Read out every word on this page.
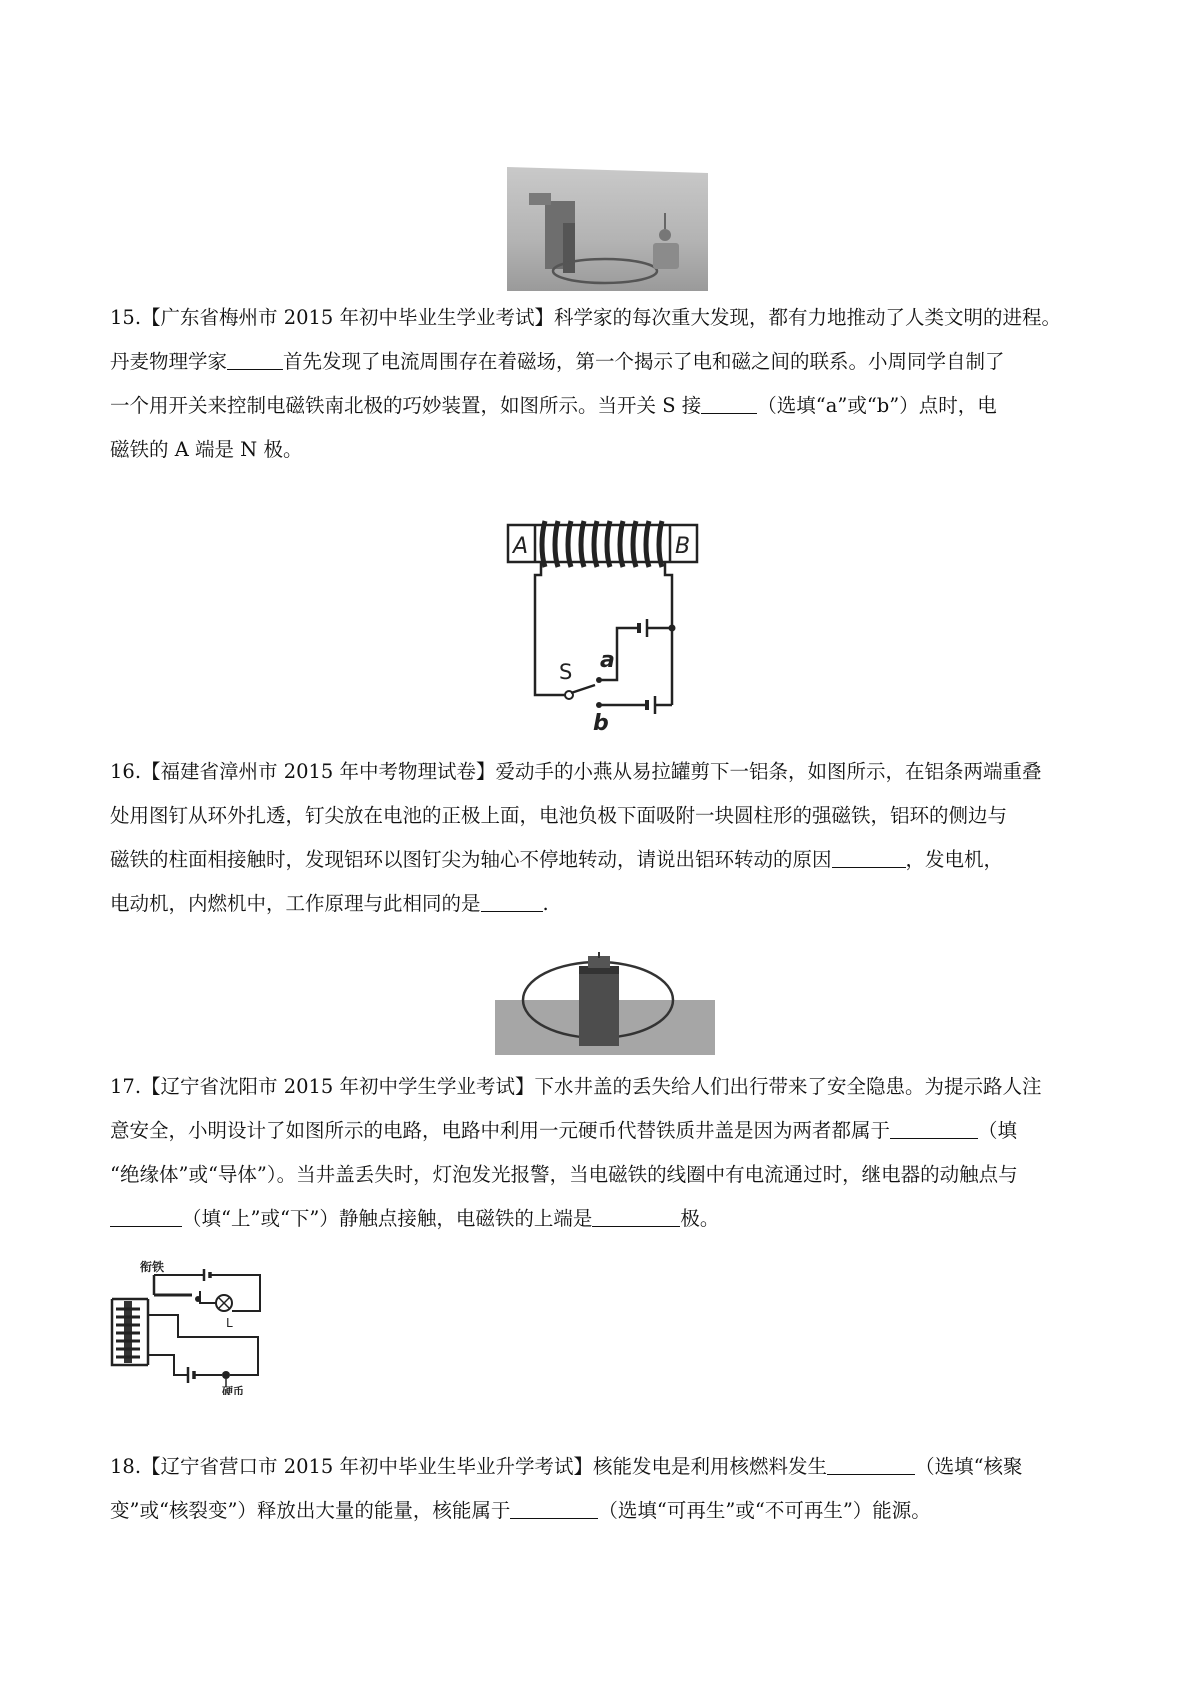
15.【广东省梅州市 2015 年初中毕业生学业考试】科学家的每次重大发现，都有力地推动了人类文明的进程。
丹麦物理学家	首先发现了电流周围存在着磁场，第一个揭示了电和磁之间的联系。小周同学自制了
一个用开关来控制电磁铁南北极的巧妙装置，如图所示。当开关 S 接	（选填“a”或“b”）点时，电
磁铁的 A 端是 N 极。
A	B
S a
b
16.【福建省漳州市 2015 年中考物理试卷】爱动手的小燕从易拉罐剪下一铝条，如图所示，在铝条两端重叠
处用图钉从环外扎透，钉尖放在电池的正极上面，电池负极下面吸附一块圆柱形的强磁铁，铝环的侧边与
磁铁的柱面相接触时，发现铝环以图钉尖为轴心不停地转动，请说出铝环转动的原因	，发电机，
电动机，内燃机中，工作原理与此相同的是	.
17.【辽宁省沈阳市 2015 年初中学生学业考试】下水井盖的丢失给人们出行带来了安全隐患。为提示路人注
意安全，小明设计了如图所示的电路，电路中利用一元硬币代替铁质井盖是因为两者都属于	（填
“绝缘体”或“导体”）。当井盖丢失时，灯泡发光报警，当电磁铁的线圈中有电流通过时，继电器的动触点与
（填“上”或“下”）静触点接触，电磁铁的上端是	极。
衔铁
L
硬币
18.【辽宁省营口市 2015 年初中毕业生毕业升学考试】核能发电是利用核燃料发生	（选填“核聚
变”或“核裂变”）释放出大量的能量，核能属于	（选填“可再生”或“不可再生”）能源。
